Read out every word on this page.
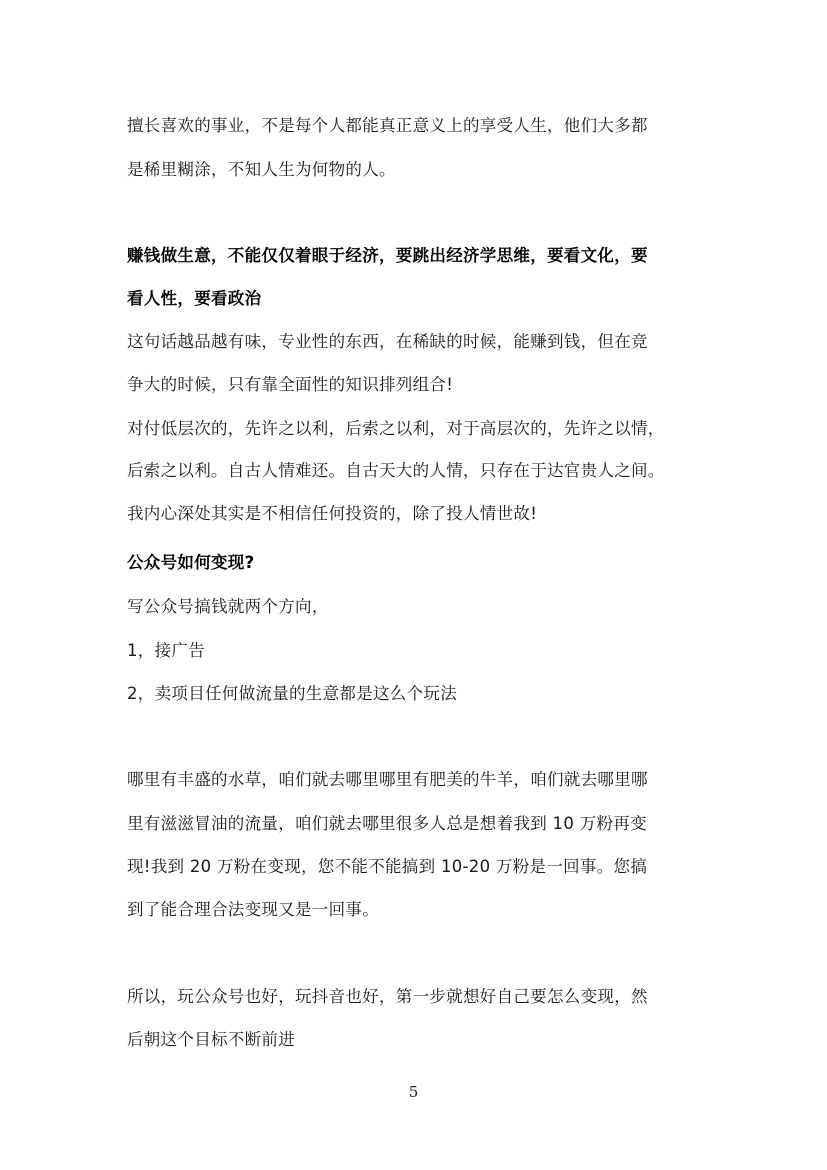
擅长喜欢的事业，不是每个人都能真正意义上的享受人生，他们大多都
是稀里糊涂，不知人生为何物的人。
赚钱做生意，不能仅仅着眼于经济，要跳出经济学思维，要看文化，要
看人性，要看政治
这句话越品越有味，专业性的东西，在稀缺的时候，能赚到钱，但在竞
争大的时候，只有靠全面性的知识排列组合!
对付低层次的，先许之以利，后索之以利，对于高层次的，先许之以情，
后索之以利。自古人情难还。自古天大的人情，只存在于达官贵人之间。
我内心深处其实是不相信任何投资的，除了投人情世故!
公众号如何变现?
写公众号搞钱就两个方向，
1，接广告
2，卖项目任何做流量的生意都是这么个玩法
哪里有丰盛的水草，咱们就去哪里哪里有肥美的牛羊，咱们就去哪里哪
里有滋滋冒油的流量，咱们就去哪里很多人总是想着我到 10 万粉再变
现!我到 20 万粉在变现，您不能不能搞到 10-20 万粉是一回事。您搞
到了能合理合法变现又是一回事。
所以，玩公众号也好，玩抖音也好，第一步就想好自己要怎么变现，然
后朝这个目标不断前进
5
